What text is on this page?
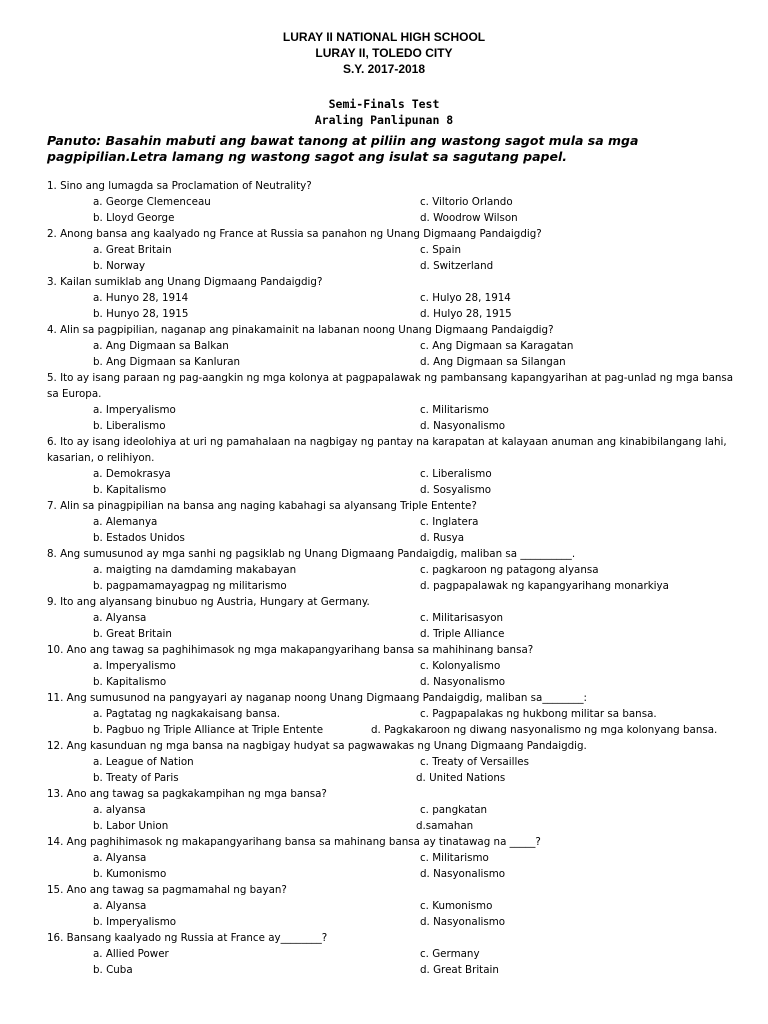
LURAY II NATIONAL HIGH SCHOOL
LURAY II, TOLEDO CITY
S.Y. 2017-2018
Semi-Finals Test
Araling Panlipunan 8
Panuto: Basahin mabuti ang bawat tanong at piliin ang wastong sagot mula sa mga pagpipilian.Letra lamang ng wastong sagot ang isulat sa sagutang papel.
1. Sino ang lumagda sa Proclamation of Neutrality?
a. George Clemenceau	c. Viltorio Orlando
b. Lloyd George	d. Woodrow Wilson
2. Anong bansa ang kaalyado ng France at Russia sa panahon ng Unang Digmaang Pandaigdig?
a. Great Britain	c. Spain
b. Norway	d. Switzerland
3. Kailan sumiklab ang Unang Digmaang Pandaigdig?
a. Hunyo 28, 1914	c. Hulyo 28, 1914
b. Hunyo 28, 1915	d. Hulyo 28, 1915
4. Alin sa pagpipilian, naganap ang pinakamainit na labanan noong Unang Digmaang Pandaigdig?
a. Ang Digmaan sa Balkan	c. Ang Digmaan sa Karagatan
b. Ang Digmaan sa Kanluran	d. Ang Digmaan sa Silangan
5. Ito ay isang paraan ng pag-aangkin ng mga kolonya at pagpapalawak ng pambansang kapangyarihan at pag-unlad ng mga bansa sa Europa.
a. Imperyalismo	c. Militarismo
b. Liberalismo	d. Nasyonalismo
6. Ito ay isang ideolohiya at uri ng pamahalaan na nagbigay ng pantay na karapatan at kalayaan anuman ang kinabibilangang lahi, kasarian, o relihiyon.
a. Demokrasya	c. Liberalismo
b. Kapitalismo	d. Sosyalismo
7. Alin sa pinagpipilian na bansa ang naging kabahagi sa alyansang Triple Entente?
a. Alemanya	c. Inglatera
b. Estados Unidos	d. Rusya
8. Ang sumusunod ay mga sanhi ng pagsiklab ng Unang Digmaang Pandaigdig, maliban sa __________.
a. maigting na damdaming makabayan	c. pagkaroon ng patagong alyansa
b. pagpamamayagpag ng militarismo	d. pagpapalawak ng kapangyarihang monarkiya
9. Ito ang alyansang binubuo ng Austria, Hungary at Germany.
a. Alyansa	c. Militarisasyon
b. Great Britain	d. Triple Alliance
10. Ano ang tawag sa paghihimasok ng mga makapangyarihang bansa sa mahihinang bansa?
a. Imperyalismo	c. Kolonyalismo
b. Kapitalismo	d. Nasyonalismo
11. Ang sumusunod na pangyayari ay naganap noong Unang Digmaang Pandaigdig, maliban sa________:
a. Pagtatag ng nagkakaisang bansa.	c. Pagpapalakas ng hukbong militar sa bansa.
b. Pagbuo ng Triple Alliance at Triple Entente	d. Pagkakaroon ng diwang nasyonalismo ng mga kolonyang bansa.
12. Ang kasunduan ng mga bansa na nagbigay hudyat sa pagwawakas ng Unang Digmaang Pandaigdig.
a. League of Nation	c. Treaty of Versailles
b. Treaty of Paris	d. United Nations
13. Ano ang tawag sa pagkakampihan ng mga bansa?
a. alyansa	c. pangkatan
b. Labor Union	d.samahan
14. Ang paghihimasok ng makapangyarihang bansa sa mahinang bansa ay tinatawag na _____?
a. Alyansa	c. Militarismo
b. Kumonismo	d. Nasyonalismo
15. Ano ang tawag sa pagmamahal ng bayan?
a. Alyansa	c. Kumonismo
b. Imperyalismo	d. Nasyonalismo
16. Bansang kaalyado ng Russia at France ay________?
a. Allied Power	c. Germany
b. Cuba	d. Great Britain
